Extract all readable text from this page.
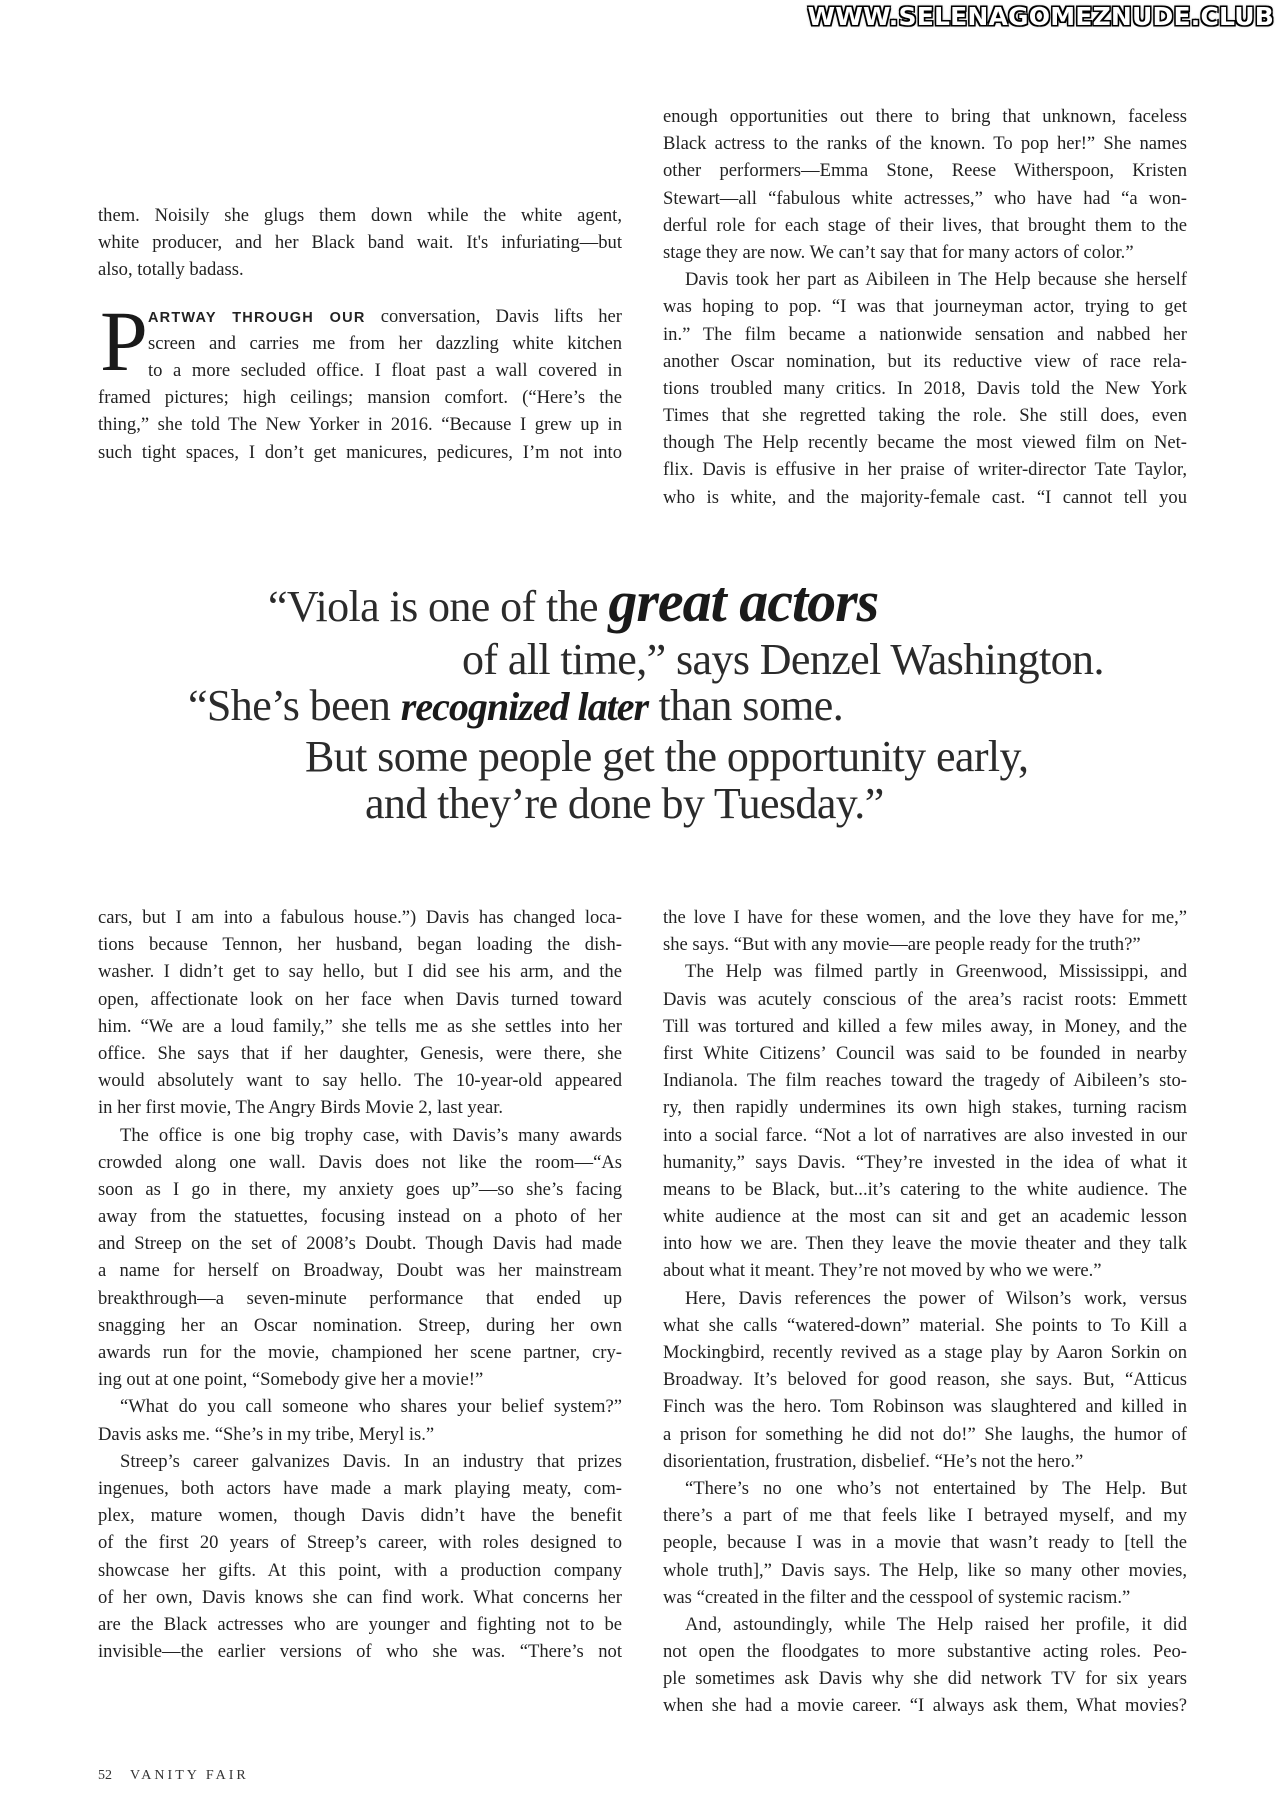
WWW.SELENAGOMEZNUDE.CLUB
them. Noisily she glugs them down while the white agent,
white producer, and her Black band wait. It's infuriating—but
also, totally badass.
P ARTWAY THROUGH OUR conversation, Davis lifts her
screen and carries me from her dazzling white kitchen
to a more secluded office. I float past a wall covered in
framed pictures; high ceilings; mansion comfort. (“Here’s the
thing,” she told The New Yorker in 2016. “Because I grew up in
such tight spaces, I don’t get manicures, pedicures, I’m not into
enough opportunities out there to bring that unknown, faceless
Black actress to the ranks of the known. To pop her!” She names
other performers—Emma Stone, Reese Witherspoon, Kristen
Stewart—all “fabulous white actresses,” who have had “a won-
derful role for each stage of their lives, that brought them to the
stage they are now. We can’t say that for many actors of color.”
Davis took her part as Aibileen in The Help because she herself
was hoping to pop. “I was that journeyman actor, trying to get
in.” The film became a nationwide sensation and nabbed her
another Oscar nomination, but its reductive view of race rela-
tions troubled many critics. In 2018, Davis told the New York
Times that she regretted taking the role. She still does, even
though The Help recently became the most viewed film on Net-
flix. Davis is effusive in her praise of writer-director Tate Taylor,
who is white, and the majority-female cast. “I cannot tell you
“Viola is one of the great actors
of all time,” says Denzel Washington.
“She’s been recognized later than some.
But some people get the opportunity early,
and they’re done by Tuesday.”
cars, but I am into a fabulous house.”) Davis has changed loca-
tions because Tennon, her husband, began loading the dish-
washer. I didn’t get to say hello, but I did see his arm, and the
open, affectionate look on her face when Davis turned toward
him. “We are a loud family,” she tells me as she settles into her
office. She says that if her daughter, Genesis, were there, she
would absolutely want to say hello. The 10-year-old appeared
in her first movie, The Angry Birds Movie 2, last year.
The office is one big trophy case, with Davis’s many awards
crowded along one wall. Davis does not like the room—“As
soon as I go in there, my anxiety goes up”—so she’s facing
away from the statuettes, focusing instead on a photo of her
and Streep on the set of 2008’s Doubt. Though Davis had made
a name for herself on Broadway, Doubt was her mainstream
breakthrough—a seven-minute performance that ended up
snagging her an Oscar nomination. Streep, during her own
awards run for the movie, championed her scene partner, cry-
ing out at one point, “Somebody give her a movie!”
“What do you call someone who shares your belief system?”
Davis asks me. “She’s in my tribe, Meryl is.”
Streep’s career galvanizes Davis. In an industry that prizes
ingenues, both actors have made a mark playing meaty, com-
plex, mature women, though Davis didn’t have the benefit
of the first 20 years of Streep’s career, with roles designed to
showcase her gifts. At this point, with a production company
of her own, Davis knows she can find work. What concerns her
are the Black actresses who are younger and fighting not to be
invisible—the earlier versions of who she was. “There’s not
the love I have for these women, and the love they have for me,”
she says. “But with any movie—are people ready for the truth?”
The Help was filmed partly in Greenwood, Mississippi, and
Davis was acutely conscious of the area’s racist roots: Emmett
Till was tortured and killed a few miles away, in Money, and the
first White Citizens’ Council was said to be founded in nearby
Indianola. The film reaches toward the tragedy of Aibileen’s sto-
ry, then rapidly undermines its own high stakes, turning racism
into a social farce. “Not a lot of narratives are also invested in our
humanity,” says Davis. “They’re invested in the idea of what it
means to be Black, but...it’s catering to the white audience. The
white audience at the most can sit and get an academic lesson
into how we are. Then they leave the movie theater and they talk
about what it meant. They’re not moved by who we were.”
Here, Davis references the power of Wilson’s work, versus
what she calls “watered-down” material. She points to To Kill a
Mockingbird, recently revived as a stage play by Aaron Sorkin on
Broadway. It’s beloved for good reason, she says. But, “Atticus
Finch was the hero. Tom Robinson was slaughtered and killed in
a prison for something he did not do!” She laughs, the humor of
disorientation, frustration, disbelief. “He’s not the hero.”
“There’s no one who’s not entertained by The Help. But
there’s a part of me that feels like I betrayed myself, and my
people, because I was in a movie that wasn’t ready to [tell the
whole truth],” Davis says. The Help, like so many other movies,
was “created in the filter and the cesspool of systemic racism.”
And, astoundingly, while The Help raised her profile, it did
not open the floodgates to more substantive acting roles. Peo-
ple sometimes ask Davis why she did network TV for six years
when she had a movie career. “I always ask them, What movies?
52 VANITY FAIR
